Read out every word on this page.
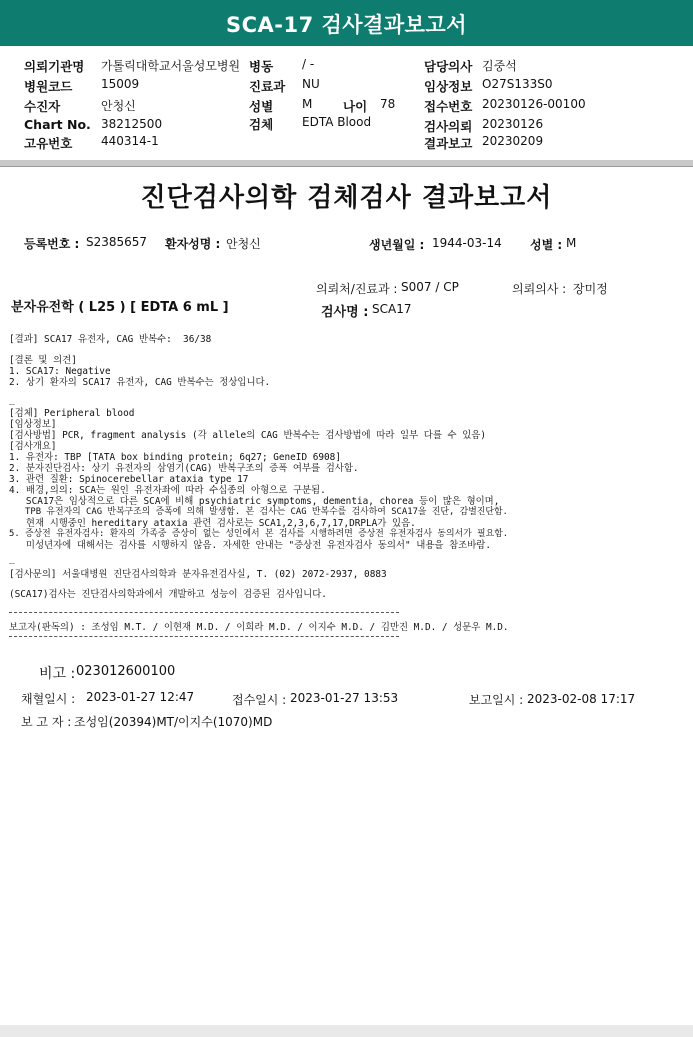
SCA-17 검사결과보고서
의뢰기관명 가톨릭대학교서울성모병원 병동 / -	담당의사 김중석
병원코드 15009	진료과 NU	임상정보 O27S133S0
수진자	안청신	성별 M 나이 78 접수번호 20230126-00100
Chart No. 38212500	검체 EDTA Blood	검사의뢰 20230126
고유번호 440314-1	결과보고 20230209
진단검사의학 검체검사 결과보고서
등록번호 : S2385657 환자성명 : 안청신	생년월일 : 1944-03-14 성별 : M
의뢰처/진료과 : S007 / CP	의뢰의사 : 장미정
분자유전학 ( L25 ) [ EDTA 6 mL ]	검사명 : SCA17
[결과] SCA17 유전자, CAG 반복수:  36/38
[결론 및 의견]
1. SCA17: Negative
2. 상기 환자의 SCA17 유전자, CAG 반복수는 정상입니다.
_
[검체] Peripheral blood
[임상정보]
[검사방법] PCR, fragment analysis (각 allele의 CAG 반복수는 검사방법에 따라 일부 다를 수 있음)
[검사개요]
1. 유전자: TBP [TATA box binding protein; 6q27; GeneID 6908]
2. 분자진단검사: 상기 유전자의 삼염기(CAG) 반복구조의 증폭 여부를 검사함.
3. 관련 질환: Spinocerebellar ataxia type 17
4. 배경,의의: SCA는 원인 유전자좌에 따라 수십종의 아형으로 구분됨.
SCA17은 임상적으로 다른 SCA에 비해 psychiatric symptoms, dementia, chorea 등이 많은 형이며,
TPB 유전자의 CAG 반복구조의 증폭에 의해 발생함. 본 검사는 CAG 반복수를 검사하여 SCA17을 진단, 감별진단함.
현재 시행중인 hereditary ataxia 관련 검사로는 SCA1,2,3,6,7,17,DRPLA가 있음.
5. 증상전 유전자검사: 환자의 가족중 증상이 없는 성인에서 본 검사를 시행하려면 증상전 유전자검사 동의서가 필요함.
미성년자에 대해서는 검사를 시행하지 않음. 자세한 안내는 "증상전 유전자검사 동의서" 내용을 참조바람.
_
[검사문의] 서울대병원 진단검사의학과 분자유전검사실, T. (02) 2072-2937, 0883
(SCA17)검사는 진단검사의학과에서 개발하고 성능이 검증된 검사입니다.
보고자(판독의) : 조성임 M.T. / 이현재 M.D. / 이희라 M.D. / 이지수 M.D. / 김만진 M.D. / 성문우 M.D.
비고 : 023012600100
채혈일시 : 2023-01-27 12:47	접수일시 : 2023-01-27 13:53	보고일시 : 2023-02-08 17:17
보 고 자 : 조성임(20394)MT/이지수(1070)MD
